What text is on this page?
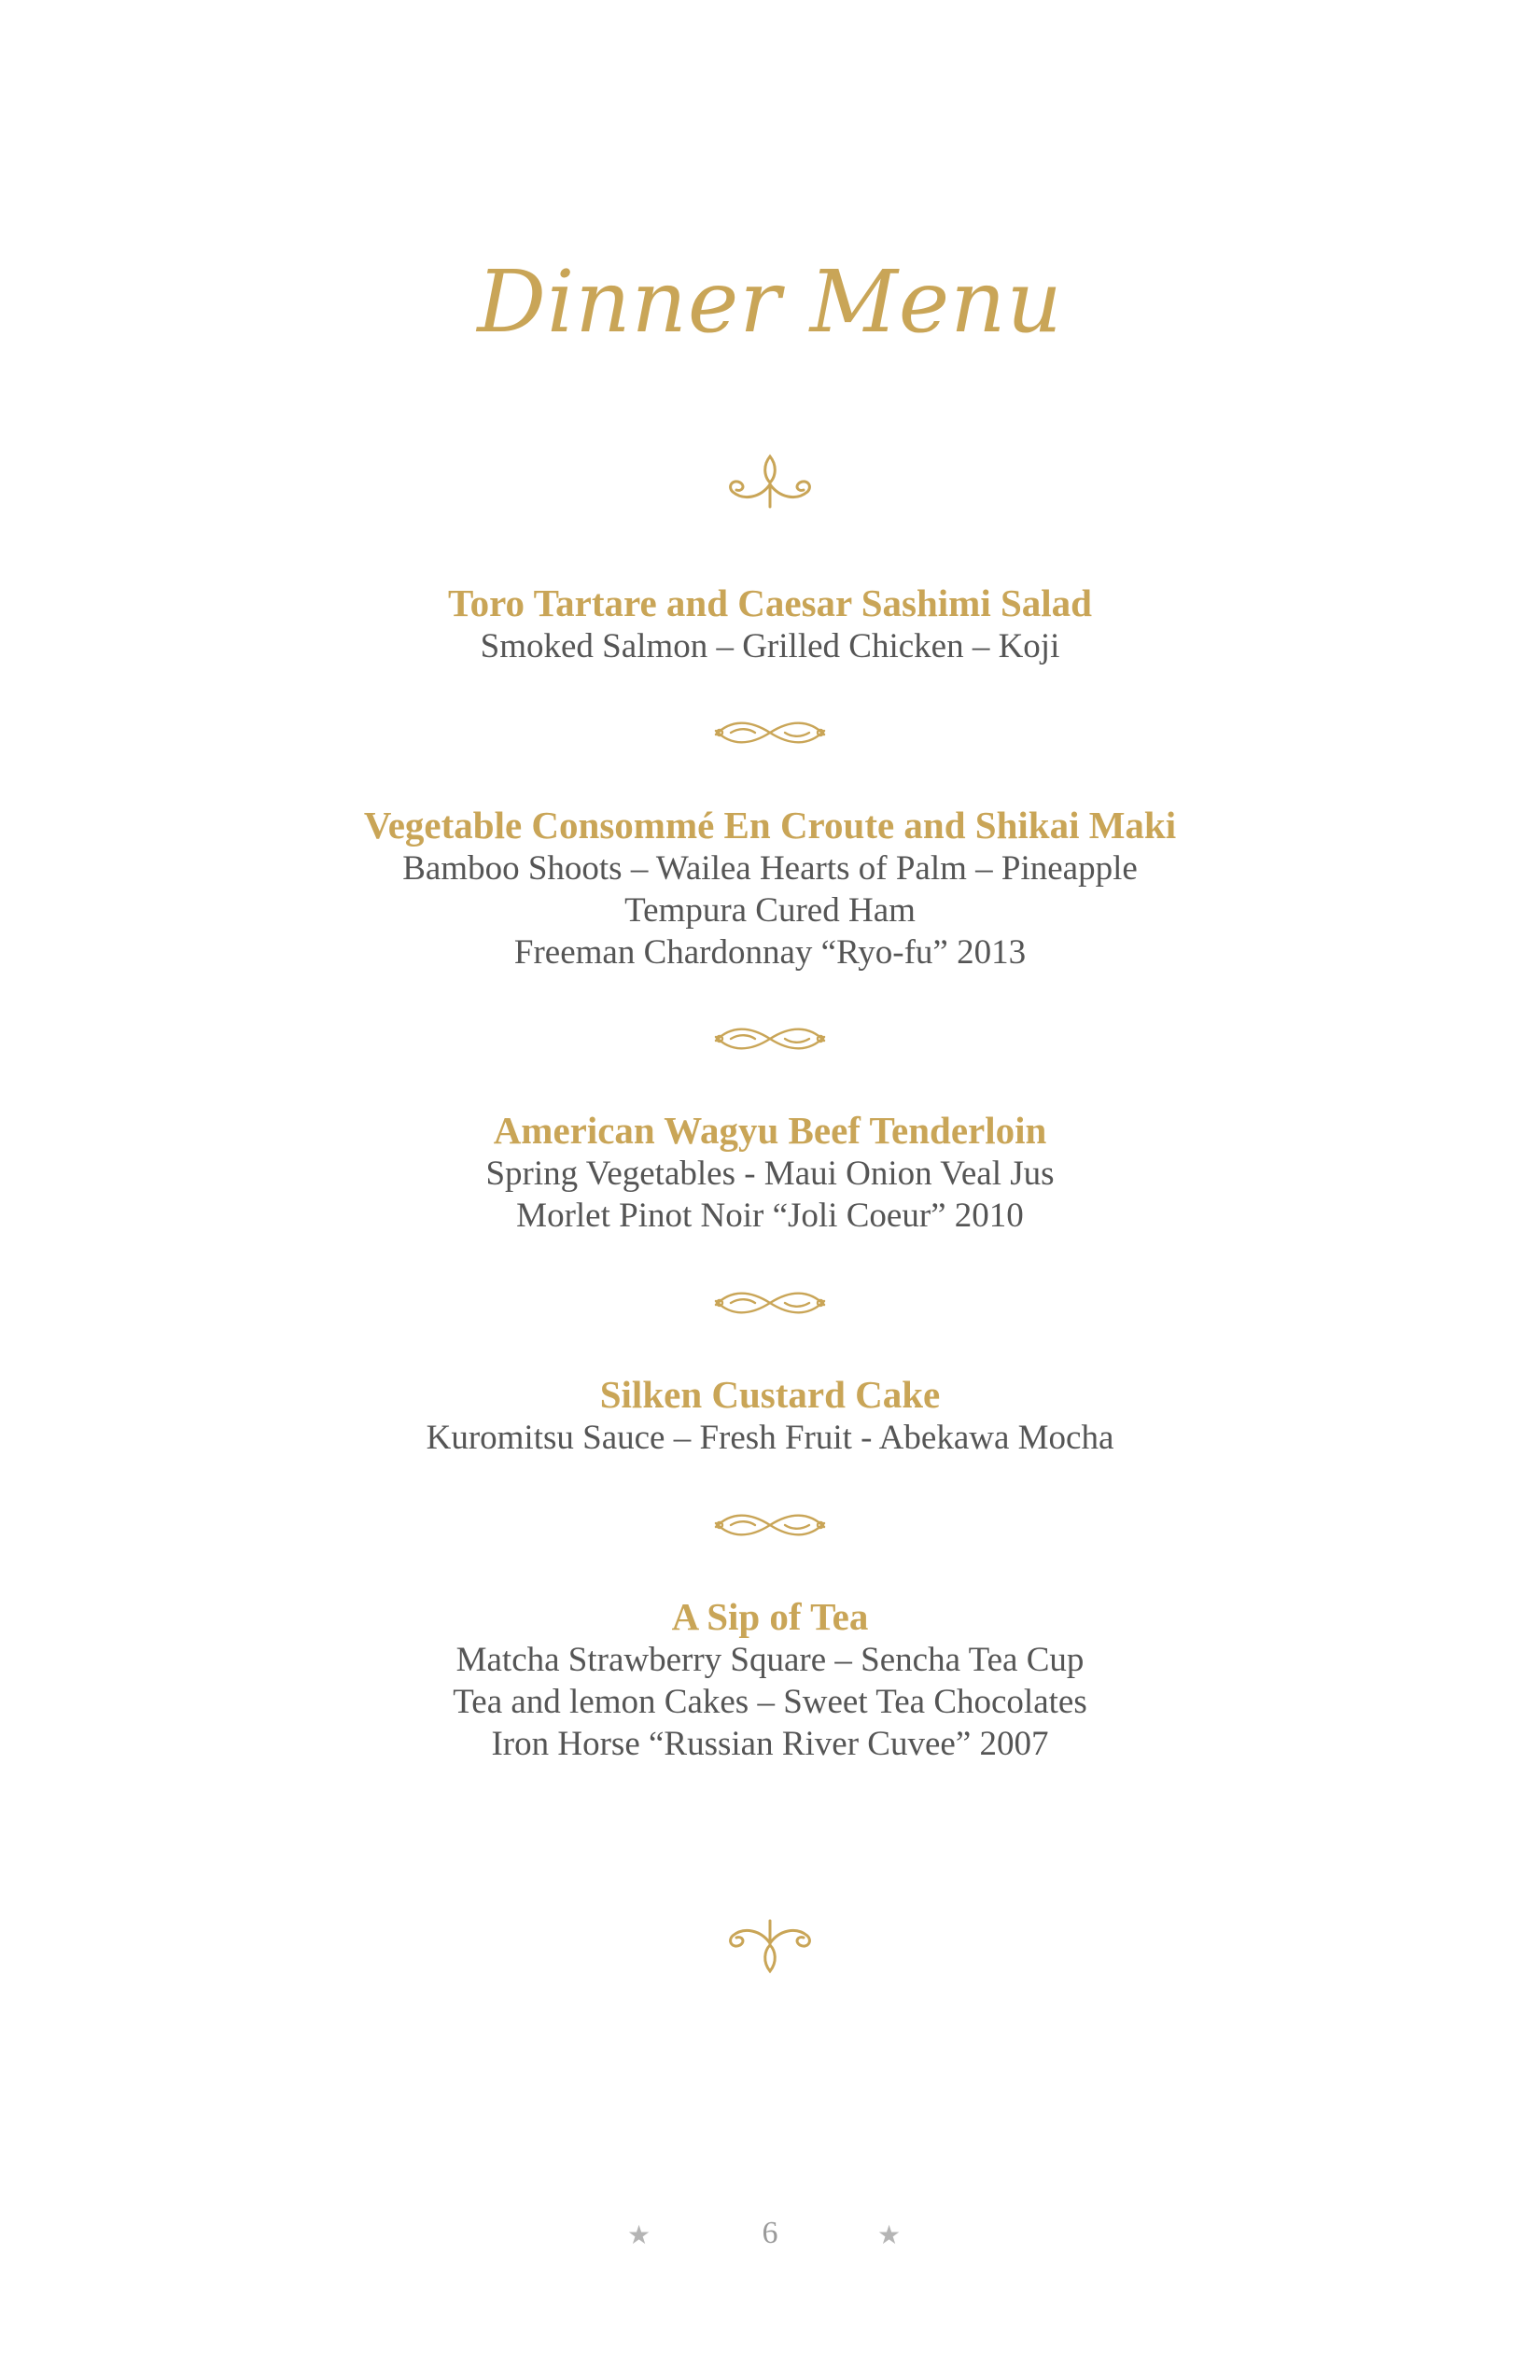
Dinner Menu

Toro Tartare and Caesar Sashimi Salad

Smoked Salmon – Grilled Chicken – Koji

Vegetable Consommé En Croute and Shikai Maki

Bamboo Shoots – Wailea Hearts of Palm – Pineapple

Tempura Cured Ham

Freeman Chardonnay “Ryo-fu” 2013

American Wagyu Beef Tenderloin

Spring Vegetables - Maui Onion Veal Jus

Morlet Pinot Noir “Joli Coeur” 2010

Silken Custard Cake

Kuromitsu Sauce – Fresh Fruit - Abekawa Mocha

A Sip of Tea

Matcha Strawberry Square – Sencha Tea Cup

Tea and lemon Cakes – Sweet Tea Chocolates

Iron Horse “Russian River Cuvee” 2007

★	6	★
